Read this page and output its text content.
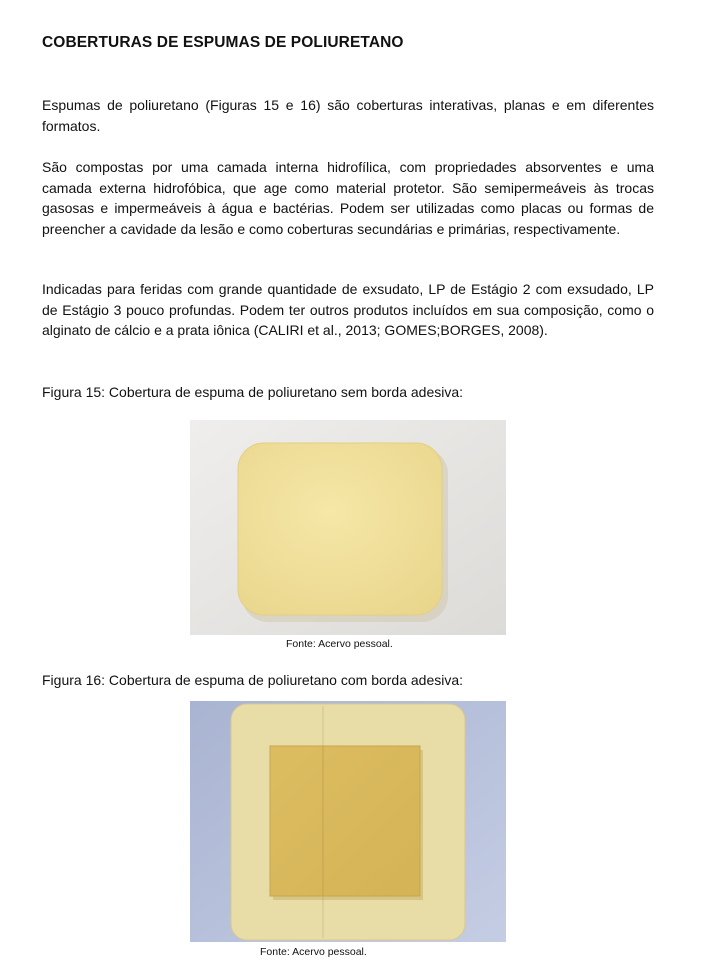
COBERTURAS DE ESPUMAS DE POLIURETANO

Espumas de poliuretano (Figuras 15 e 16) são coberturas interativas, planas e em diferentes formatos.

São compostas por uma camada interna hidrofílica, com propriedades absorventes e uma camada externa hidrofóbica, que age como material protetor. São semipermeáveis às trocas gasosas e impermeáveis à água e bactérias. Podem ser utilizadas como placas ou formas de preencher a cavidade da lesão e como coberturas secundárias e primárias, respectivamente.

Indicadas para feridas com grande quantidade de exsudato, LP de Estágio 2 com exsudado, LP de Estágio 3 pouco profundas. Podem ter outros produtos incluídos em sua composição, como o alginato de cálcio e a prata iônica (CALIRI et al., 2013; GOMES;BORGES, 2008).

Figura 15: Cobertura de espuma de poliuretano sem borda adesiva:

Fonte: Acervo pessoal.

Figura 16: Cobertura de espuma de poliuretano com borda adesiva:

Fonte: Acervo pessoal.
